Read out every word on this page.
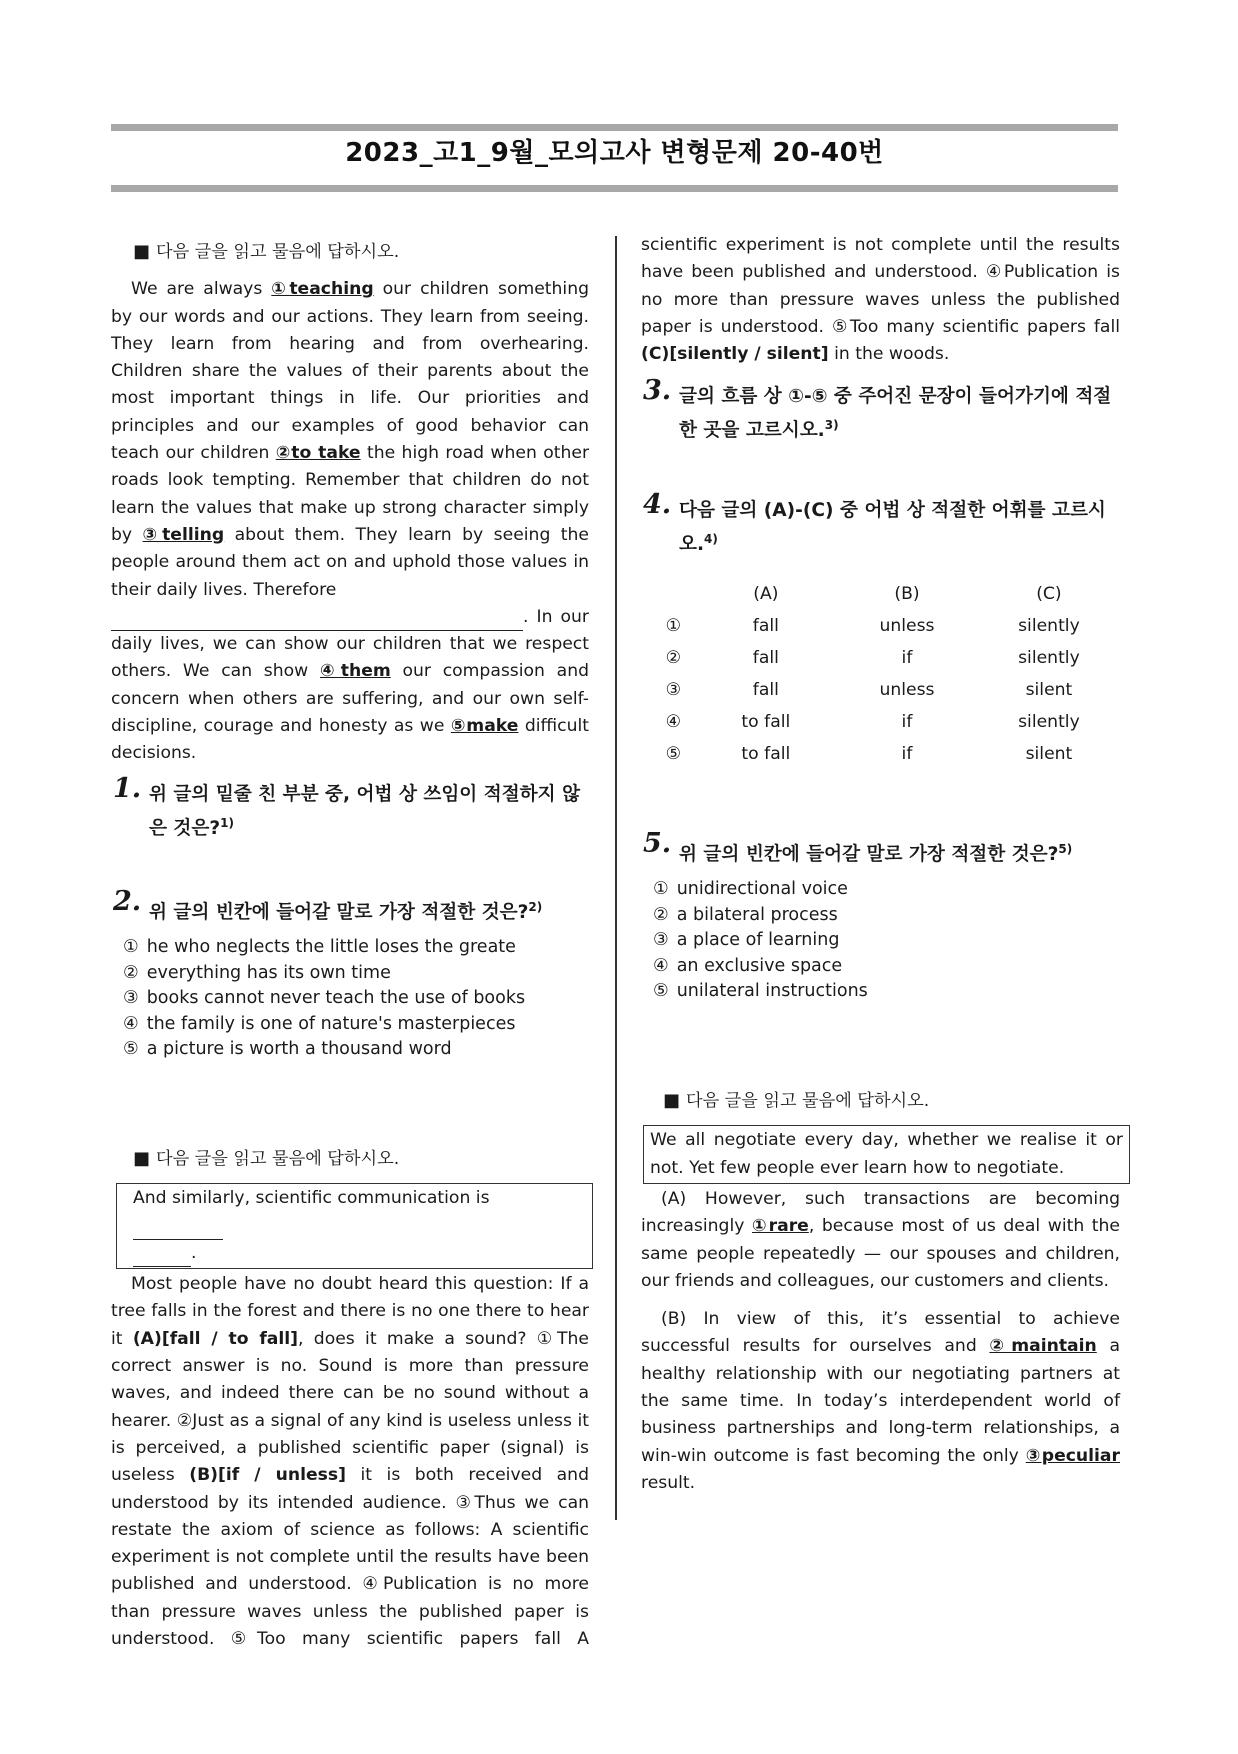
2023_고1_9월_모의고사 변형문제 20-40번

■ 다음 글을 읽고 물음에 답하시오.

We are always ①teaching our children something by our words and our actions. They learn from seeing. They learn from hearing and from overhearing. Children share the values of their parents about the most important things in life. Our priorities and principles and our examples of good behavior can teach our children ②to take the high road when other roads look tempting. Remember that children do not learn the values that make up strong character simply by ③telling about them. They learn by seeing the people around them act on and uphold those values in their daily lives. Therefore
. In our daily lives, we can show our children that we respect others. We can show ④them our compassion and concern when others are suffering, and our own self-discipline, courage and honesty as we ⑤make difficult decisions.

1. 위 글의 밑줄 친 부분 중, 어법 상 쓰임이 적절하지 않은 것은?$^{1)}$
2. 위 글의 빈칸에 들어갈 말로 가장 적절한 것은?$^{2)}$
① he who neglects the little loses the greate
② everything has its own time
③ books cannot never teach the use of books
④ the family is one of nature's masterpieces
⑤ a picture is worth a thousand word

■ 다음 글을 읽고 물음에 답하시오.

And similarly, scientific communication is
.

Most people have no doubt heard this question: If a tree falls in the forest and there is no one there to hear it (A)[fall / to fall], does it make a sound? ①The correct answer is no. Sound is more than pressure waves, and indeed there can be no sound without a hearer. ②Just as a signal of any kind is useless unless it is perceived, a published scientific paper (signal) is useless (B)[if / unless] it is both received and understood by its intended audience. ③Thus we can restate the axiom of science as follows: A scientific experiment is not complete until the results have been published and understood. ④Publication is no more than pressure waves unless the published paper is understood. ⑤Too many scientific papers fall A

scientific experiment is not complete until the results have been published and understood. ④Publication is no more than pressure waves unless the published paper is understood. ⑤Too many scientific papers fall (C)[silently / silent] in the woods.

3. 글의 흐름 상 ①-⑤ 중 주어진 문장이 들어가기에 적절한 곳을 고르시오.$^{3)}$
4. 다음 글의 (A)-(C) 중 어법 상 적절한 어휘를 고르시오.$^{4)}$
	(A)	(B)	(C)
①	fall	unless	silently
②	fall	if	silently
③	fall	unless	silent
④	to fall	if	silently
⑤	to fall	if	silent
5. 위 글의 빈칸에 들어갈 말로 가장 적절한 것은?$^{5)}$
① unidirectional voice
② a bilateral process
③ a place of learning
④ an exclusive space
⑤ unilateral instructions

■ 다음 글을 읽고 물음에 답하시오.

We all negotiate every day, whether we realise it or not. Yet few people ever learn how to negotiate.

(A) However, such transactions are becoming increasingly ①rare, because most of us deal with the same people repeatedly — our spouses and children, our friends and colleagues, our customers and clients.

(B) In view of this, it’s essential to achieve successful results for ourselves and ②maintain a healthy relationship with our negotiating partners at the same time. In today’s interdependent world of business partnerships and long-term relationships, a win-win outcome is fast becoming the only ③peculiar result.
